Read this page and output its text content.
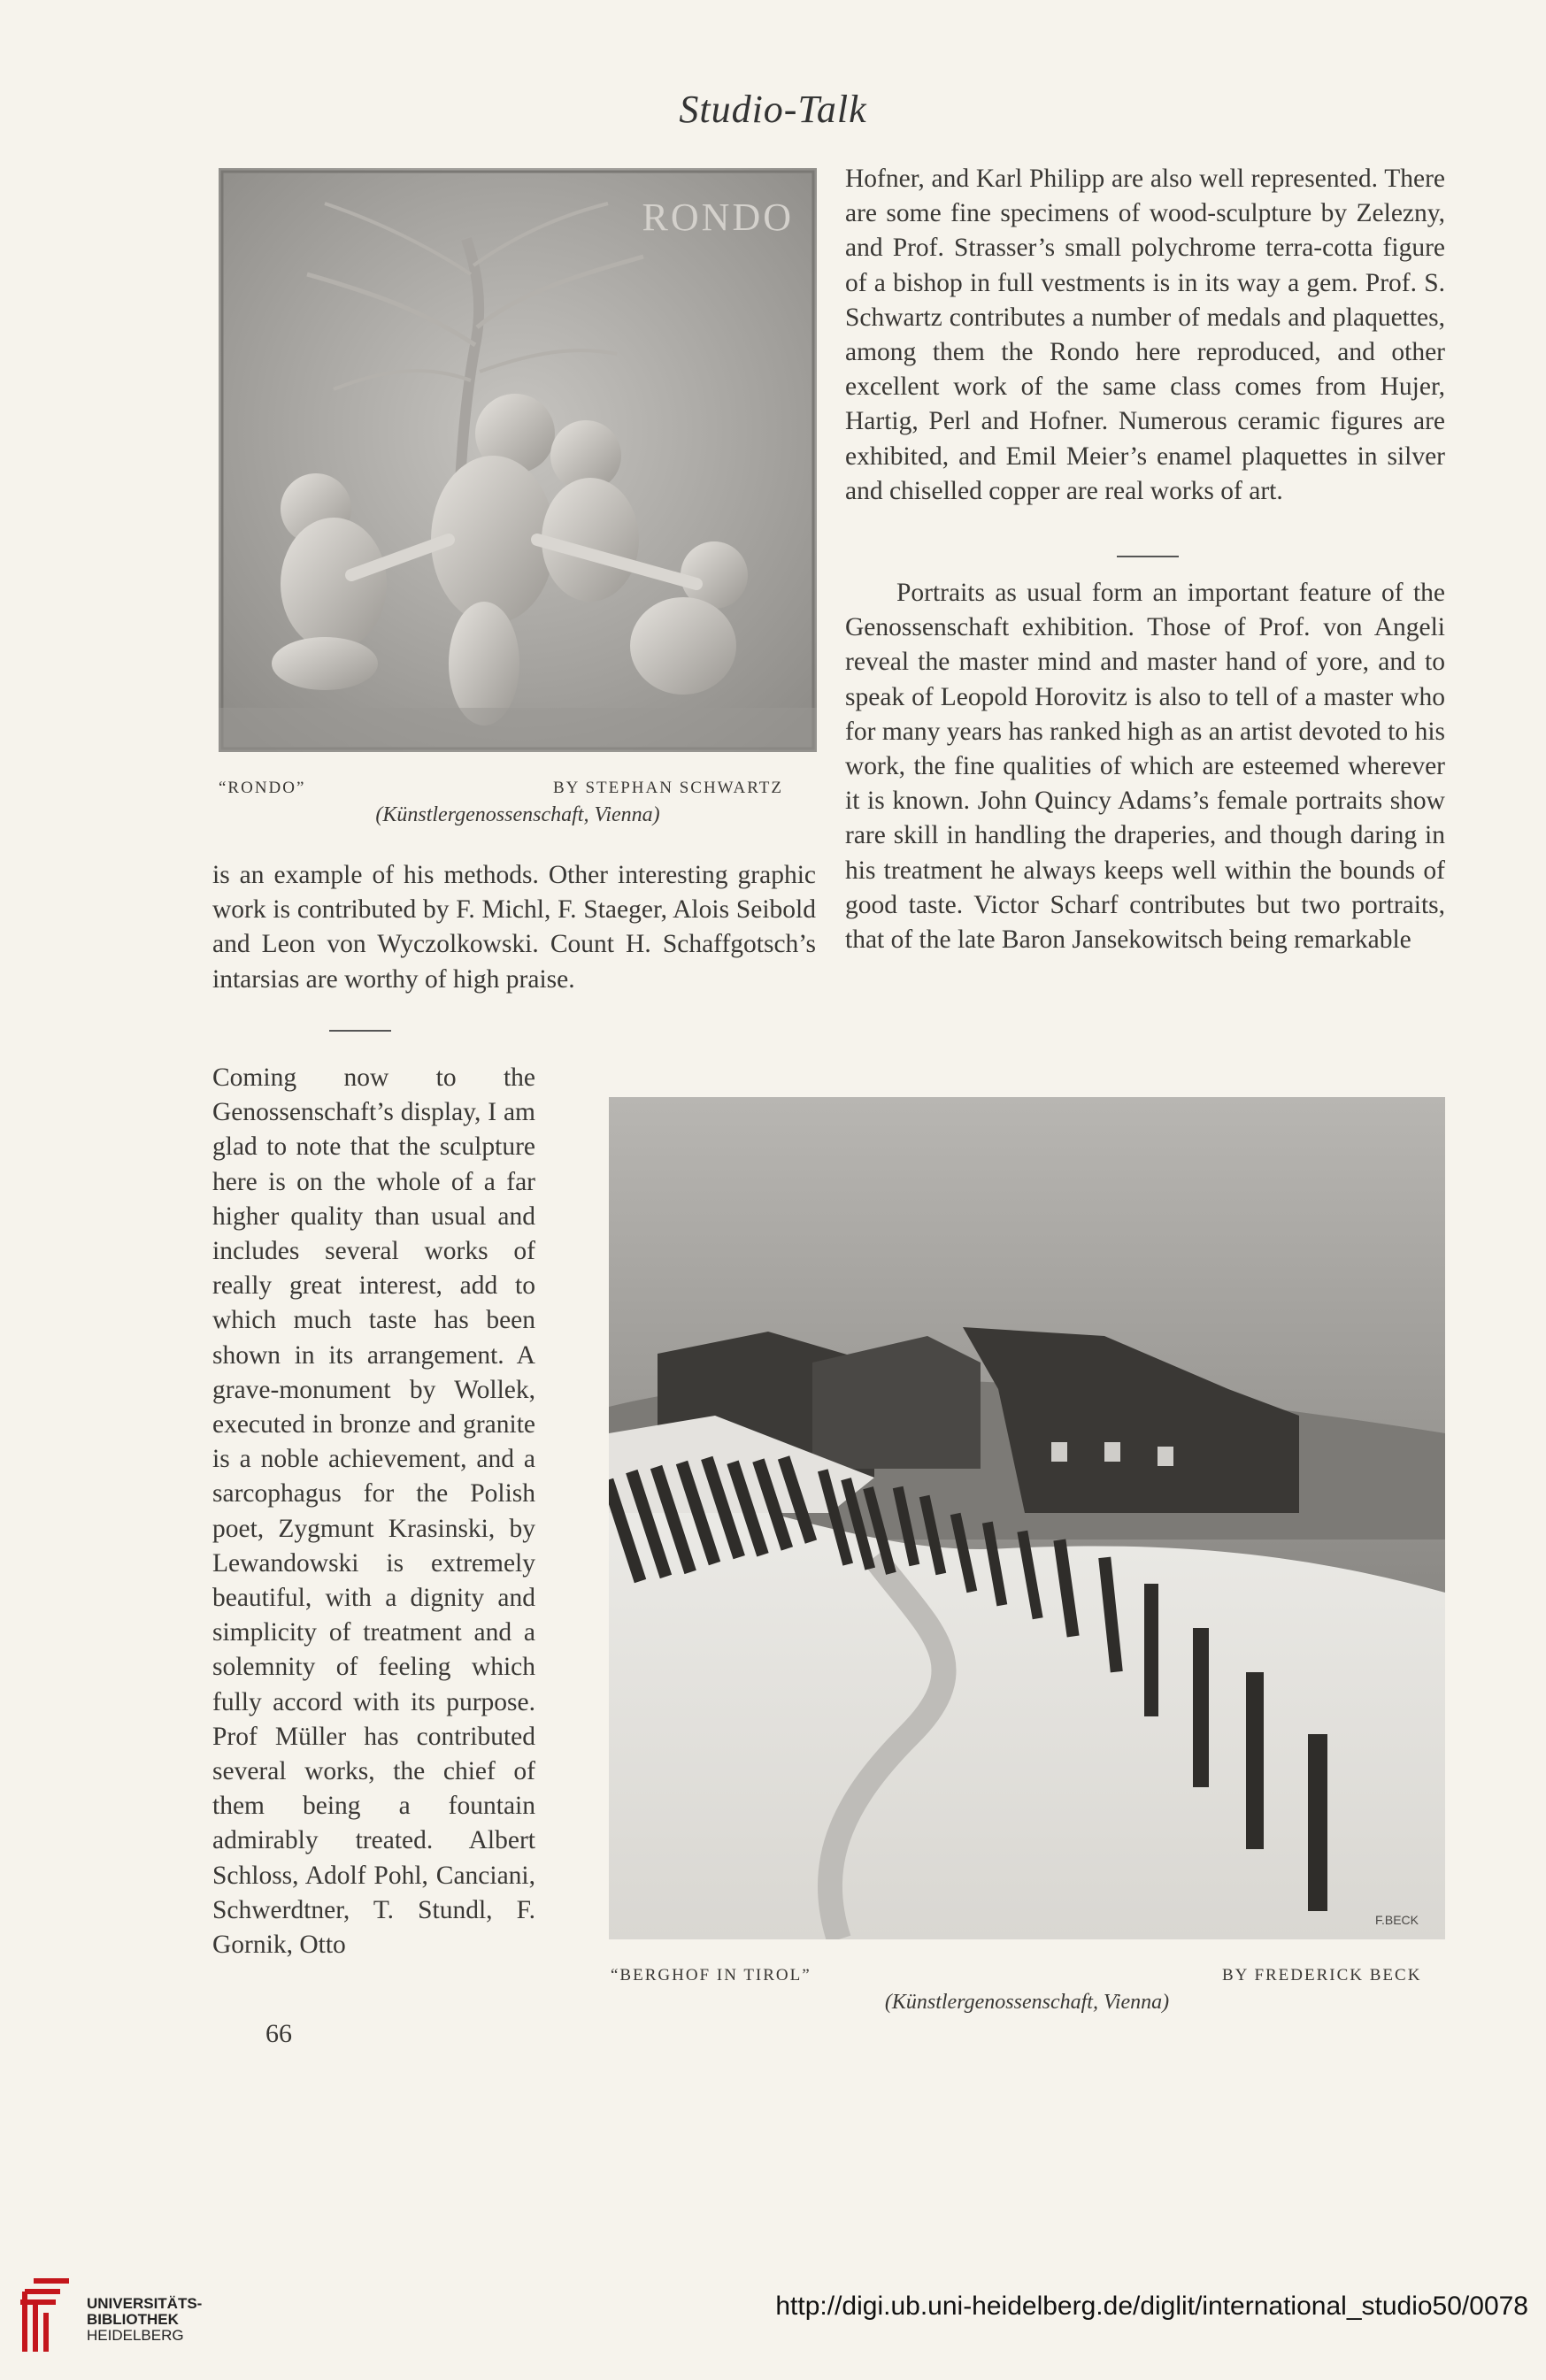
Studio-Talk
RONDO
“RONDO”	BY STEPHAN SCHWARTZ
(Künstlergenossenschaft, Vienna)

is an example of his methods. Other interesting graphic work is contributed by F. Michl, F. Staeger, Alois Seibold and Leon von Wyczolkowski. Count H. Schaffgotsch’s intarsias are worthy of high praise.

Coming now to the Genossenschaft’s display, I am glad to note that the sculpture here is on the whole of a far higher quality than usual and includes several works of really great interest, add to which much taste has been shown in its arrangement. A grave-monument by Wollek, executed in bronze and granite is a noble achievement, and a sarcophagus for the Polish poet, Zygmunt Krasinski, by Lewandowski is extremely beautiful, with a dignity and simplicity of treatment and a solemnity of feeling which fully accord with its purpose. Prof Müller has contributed several works, the chief of them being a fountain admirably treated. Albert Schloss, Adolf Pohl, Canciani, Schwerdtner, T. Stundl, F. Gornik, Otto

66

Hofner, and Karl Philipp are also well represented. There are some fine specimens of wood-sculpture by Zelezny, and Prof. Strasser’s small polychrome terra-cotta figure of a bishop in full vestments is in its way a gem. Prof. S. Schwartz contributes a number of medals and plaquettes, among them the Rondo here reproduced, and other excellent work of the same class comes from Hujer, Hartig, Perl and Hofner. Numerous ceramic figures are exhibited, and Emil Meier’s enamel plaquettes in silver and chiselled copper are real works of art.

Portraits as usual form an important feature of the Genossenschaft exhibition. Those of Prof. von Angeli reveal the master mind and master hand of yore, and to speak of Leopold Horovitz is also to tell of a master who for many years has ranked high as an artist devoted to his work, the fine qualities of which are esteemed wherever it is known. John Quincy Adams’s female portraits show rare skill in handling the draperies, and though daring in his treatment he always keeps well within the bounds of good taste. Victor Scharf contributes but two portraits, that of the late Baron Jansekowitsch being remarkable

F.BECK
“BERGHOF IN TIROL”	BY FREDERICK BECK
(Künstlergenossenschaft, Vienna)
UNIVERSITÄTS-
BIBLIOTHEK
HEIDELBERG
http://digi.ub.uni-heidelberg.de/diglit/international_studio50/0078
